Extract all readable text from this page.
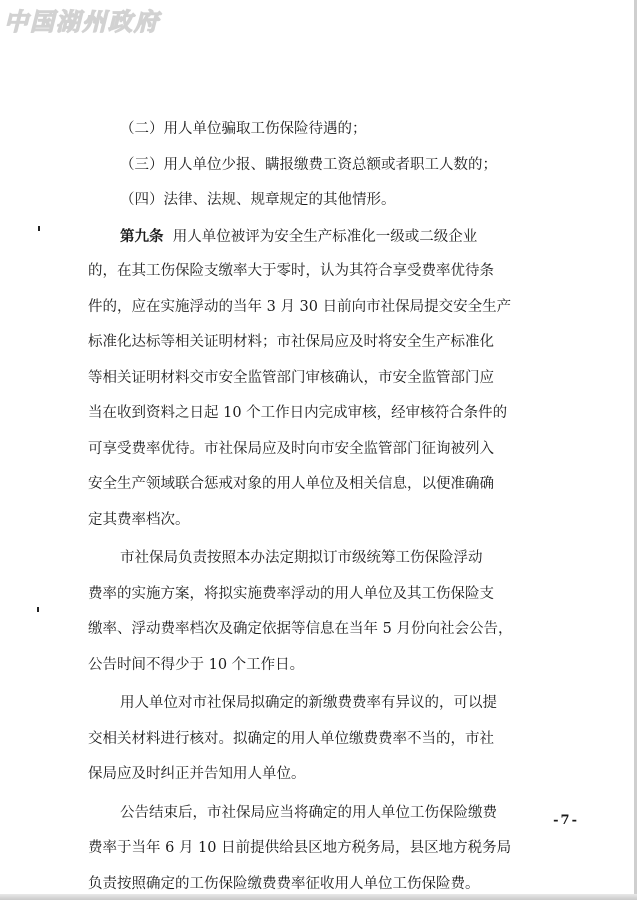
中国湖州政府
（二）用人单位骗取工伤保险待遇的；
（三）用人单位少报、瞒报缴费工资总额或者职工人数的；
（四）法律、法规、规章规定的其他情形。
第九条 用人单位被评为安全生产标准化一级或二级企业
的，在其工伤保险支缴率大于零时，认为其符合享受费率优待条
件的，应在实施浮动的当年 3 月 30 日前向市社保局提交安全生产
标准化达标等相关证明材料；市社保局应及时将安全生产标准化
等相关证明材料交市安全监管部门审核确认，市安全监管部门应
当在收到资料之日起 10 个工作日内完成审核，经审核符合条件的
可享受费率优待。市社保局应及时向市安全监管部门征询被列入
安全生产领域联合惩戒对象的用人单位及相关信息，以便准确确
定其费率档次。
市社保局负责按照本办法定期拟订市级统筹工伤保险浮动
费率的实施方案，将拟实施费率浮动的用人单位及其工伤保险支
缴率、浮动费率档次及确定依据等信息在当年 5 月份向社会公告，
公告时间不得少于 10 个工作日。
用人单位对市社保局拟确定的新缴费费率有异议的，可以提
交相关材料进行核对。拟确定的用人单位缴费费率不当的，市社
保局应及时纠正并告知用人单位。
公告结束后，市社保局应当将确定的用人单位工伤保险缴费
费率于当年 6 月 10 日前提供给县区地方税务局，县区地方税务局
负责按照确定的工伤保险缴费费率征收用人单位工伤保险费。
-7-
